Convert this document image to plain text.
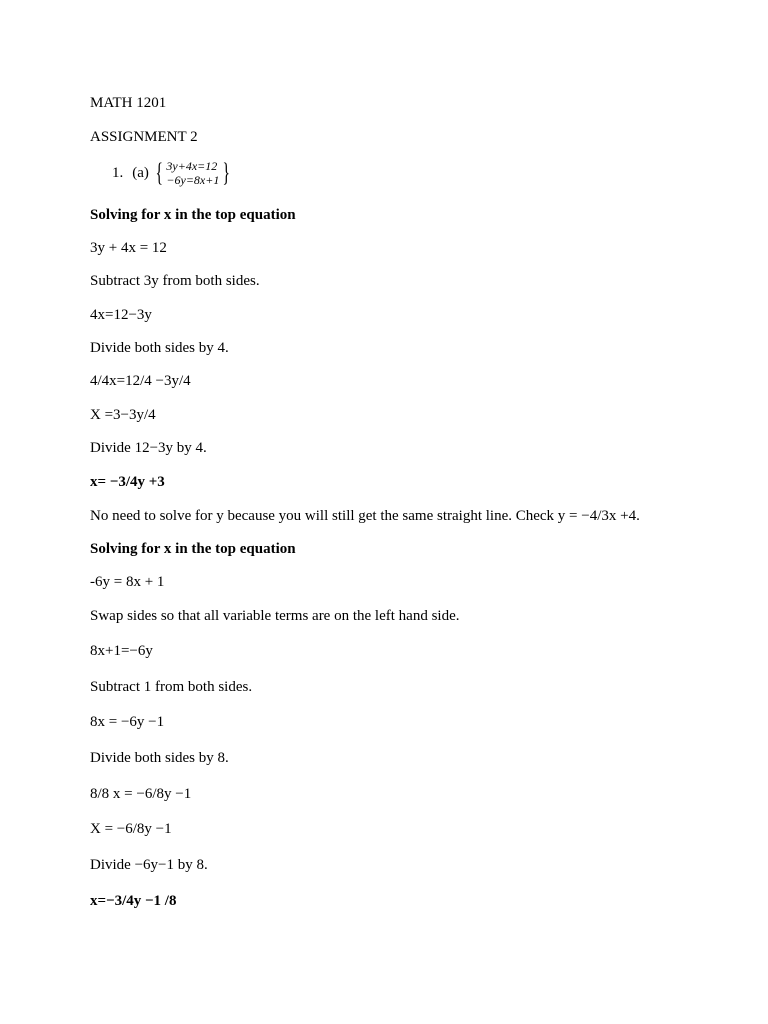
MATH 1201
ASSIGNMENT 2
1. (a) { 3y+4x=12
−6y=8x+1 }
Solving for x in the top equation
3y + 4x = 12
Subtract 3y from both sides.
4x=12−3y
Divide both sides by 4.
4/4x=12/4 −3y/4
X =3−3y/4
Divide 12−3y by 4.
x= −3/4y +3
No need to solve for y because you will still get the same straight line. Check y = −4/3x +4.
Solving for x in the top equation
-6y = 8x + 1
Swap sides so that all variable terms are on the left hand side.
8x+1=−6y
Subtract 1 from both sides.
8x = −6y −1
Divide both sides by 8.
8/8 x = −6/8y −1
X = −6/8y −1
Divide −6y−1 by 8.
x=−3/4y −1 /8
